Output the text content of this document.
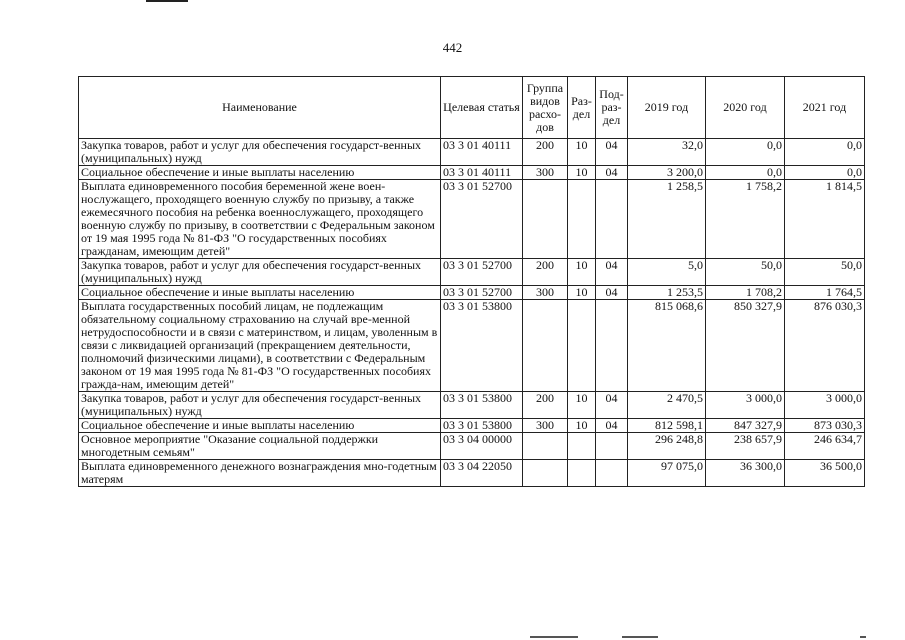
442
Наименование	Целевая статья	Группа видов расхо-дов	Раз-дел	Под-раз-дел	2019 год	2020 год	2021 год
Закупка товаров, работ и услуг для обеспечения государст-венных (муниципальных) нужд	03 3 01 40111	200	10	04	32,0	0,0	0,0
Социальное обеспечение и иные выплаты населению	03 3 01 40111	300	10	04	3 200,0	0,0	0,0
Выплата единовременного пособия беременной жене воен-нослужащего, проходящего военную службу по призыву, а также ежемесячного пособия на ребенка военнослужащего, проходящего военную службу по призыву, в соответствии с Федеральным законом от 19 мая 1995 года № 81-ФЗ "О государственных пособиях гражданам, имеющим детей"	03 3 01 52700				1 258,5	1 758,2	1 814,5
Закупка товаров, работ и услуг для обеспечения государст-венных (муниципальных) нужд	03 3 01 52700	200	10	04	5,0	50,0	50,0
Социальное обеспечение и иные выплаты населению	03 3 01 52700	300	10	04	1 253,5	1 708,2	1 764,5
Выплата государственных пособий лицам, не подлежащим обязательному социальному страхованию на случай вре-менной нетрудоспособности и в связи с материнством, и лицам, уволенным в связи с ликвидацией организаций (прекращением деятельности, полномочий физическими лицами), в соответствии с Федеральным законом от 19 мая 1995 года № 81-ФЗ "О государственных пособиях гражда-нам, имеющим детей"	03 3 01 53800				815 068,6	850 327,9	876 030,3
Закупка товаров, работ и услуг для обеспечения государст-венных (муниципальных) нужд	03 3 01 53800	200	10	04	2 470,5	3 000,0	3 000,0
Социальное обеспечение и иные выплаты населению	03 3 01 53800	300	10	04	812 598,1	847 327,9	873 030,3
Основное мероприятие "Оказание социальной поддержки многодетным семьям"	03 3 04 00000				296 248,8	238 657,9	246 634,7
Выплата единовременного денежного вознаграждения мно-годетным матерям	03 3 04 22050				97 075,0	36 300,0	36 500,0
